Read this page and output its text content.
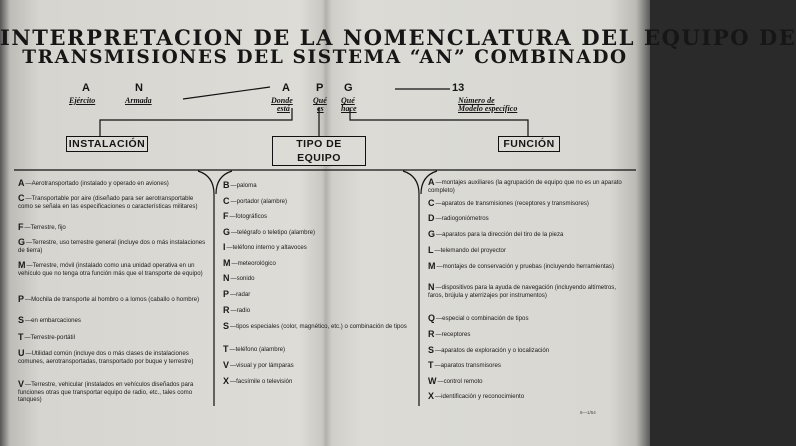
INTERPRETACION DE LA NOMENCLATURA DEL EQUIPO DE
TRANSMISIONES DEL SISTEMA “AN” COMBINADO
A
Ejército
N
Armada
A
Donde
está
P
Qué
es
G
Qué
hace
13
Número de
Modelo específico
INSTALACIÓN	TIPO DE EQUIPO
FUNCIÓN
A—Aerotransportado (instalado y operado en aviones)
C—Transportable por aire (diseñado para ser aerotransportable como se señala en las especificaciones o características militares)
F—Terrestre, fijo
G—Terrestre, uso terrestre general (incluye dos o más instalaciones de tierra)
M—Terrestre, móvil (instalado como una unidad operativa en un vehículo que no tenga otra función más que el transporte de equipo)
P—Mochila de transporte al hombro o a lomos (caballo o hombre)
S—en embarcaciones
T—Terrestre-portátil
U—Utilidad común (incluye dos o más clases de instalaciones comunes, aerotransportadas, transportado por buque y terrestre)
V—Terrestre, vehicular (instalados en vehículos diseñados para funciones otras que transportar equipo de radio, etc., tales como tanques)
B—paloma
C—portador (alambre)
F—fotográficos
G—telégrafo o teletipo (alambre)
I—teléfono interno y altavoces
M—meteorológico
N—sonido
P—radar
R—radio
S—tipos especiales (color, magnético, etc.) o combinación de tipos
T—teléfono (alambre)
V—visual y por lámparas
X—facsímile o televisión
A—montajes auxiliares (la agrupación de equipo que no es un aparato completo)
C—aparatos de transmisiones (receptores y transmisores)
D—radiogoniómetros
G—aparatos para la dirección del tiro de la pieza
L—telemando del proyector
M—montajes de conservación y pruebas (incluyendo herramientas)
N—dispositivos para la ayuda de navegación (incluyendo altímetros, faros, brújula y aterrizajes por instrumentos)
Q—especial o combinación de tipos
R—receptores
S—aparatos de exploración y o localización
T—aparatos transmisores
W—control remoto
X—identificación y reconocimiento
6—1/54
